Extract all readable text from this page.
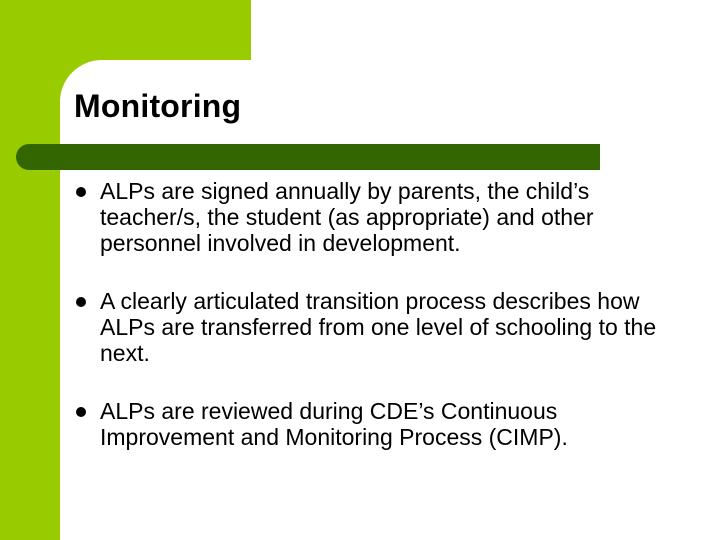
Monitoring
ALPs are signed annually by parents, the child’s teacher/s, the student (as appropriate) and other personnel involved in development.
A clearly articulated transition process describes how ALPs are transferred from one level of schooling to the next.
ALPs are reviewed during CDE’s Continuous Improvement and Monitoring Process (CIMP).
